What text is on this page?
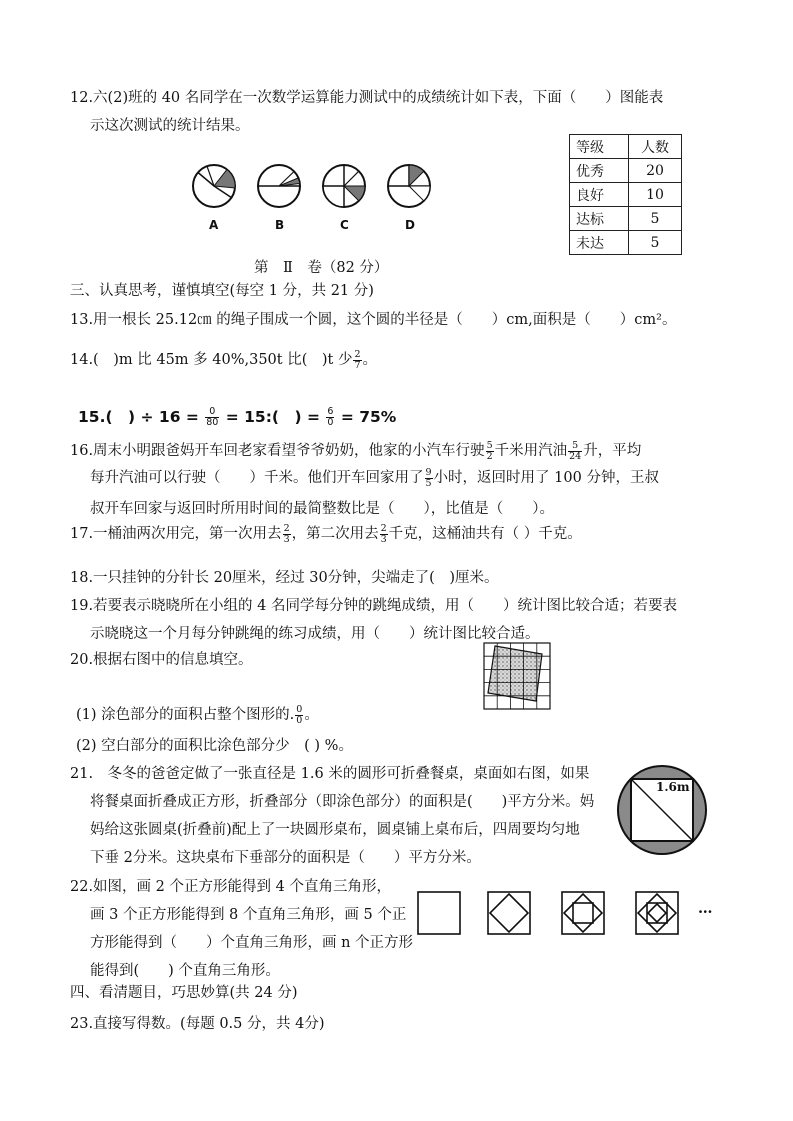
12.六(2)班的 40 名同学在一次数学运算能力测试中的成绩统计如下表，下面（　　）图能表
示这次测试的统计结果。
等级	人数
优秀	20
良好	10
达标	5
未达	5
A	B	C	D
第　Ⅱ　卷（82 分）
三、认真思考，谨慎填空(每空 1 分，共 21 分)
13.用一根长 25.12㎝ 的绳子围成一个圆，这个圆的半径是（　　）cm,面积是（　　）cm²。
14.(　)m 比 45m 多 40%,350t 比(　)t 少 $\frac{2}{7}$ 。
15.(　) ÷ $16 = \frac{0}{80}$ = 15:(　) = $\frac{6}{0} = 75\%$
16.周末小明跟爸妈开车回老家看望爷爷奶奶，他家的小汽车行驶 $\frac{5}{2}$ 千米用汽油 $\frac{5}{24}$ 升，平均
每升汽油可以行驶（　　）千米。他们开车回家用了 $\frac{9}{5}$ 小时，返回时用了 100 分钟，王叔
叔开车回家与返回时所用时间的最简整数比是（　　），比值是（　　）。
17.一桶油两次用完，第一次用去 $\frac{2}{3}$ ，第二次用去 $\frac{2}{3}$ 千克，这桶油共有（ ）千克。
18.一只挂钟的分针长 20厘米，经过 30分钟，尖端走了(　)厘米。
19.若要表示晓晓所在小组的 4 名同学每分钟的跳绳成绩，用（　　）统计图比较合适；若要表
示晓晓这一个月每分钟跳绳的练习成绩，用（　　）统计图比较合适。
20.根据右图中的信息填空。
(1) 涂色部分的面积占整个图形的. $\frac{0}{0}$ 。
(2) 空白部分的面积比涂色部分少　( ) %。
21.　冬冬的爸爸定做了一张直径是 1.6 米的圆形可折叠餐桌，桌面如右图，如果
将餐桌面折叠成正方形，折叠部分（即涂色部分）的面积是(　　)平方分米。妈
妈给这张圆桌(折叠前)配上了一块圆形桌布，圆桌铺上桌布后，四周要均匀地
下垂 2分米。这块桌布下垂部分的面积是（　　）平方分米。
1.6m
22.如图，画 2 个正方形能得到 4 个直角三角形，
画 3 个正方形能得到 8 个直角三角形，画 5 个正
方形能得到（　　）个直角三角形，画 n 个正方形
能得到(　　) 个直角三角形。
…
四、看清题目，巧思妙算(共 24 分)
23.直接写得数。(每题 0.5 分，共 4分)
